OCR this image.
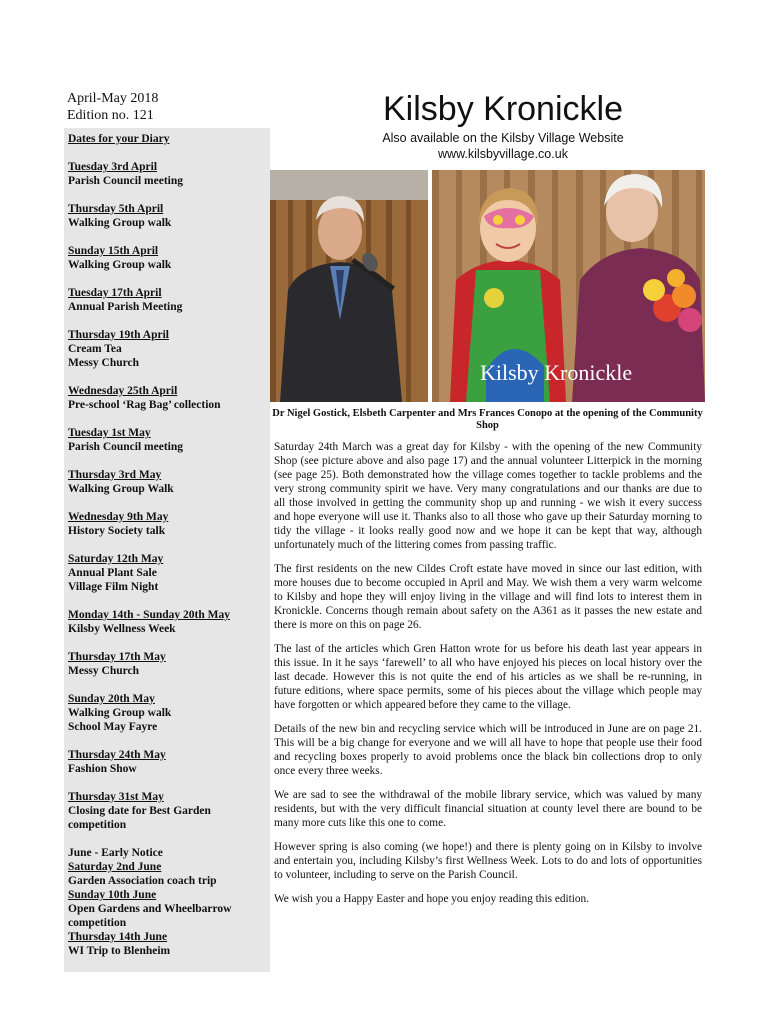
April-May 2018
Edition no. 121	Kilsby Kronickle
Also available on the Kilsby Village Website
www.kilsbyvillage.co.uk
Dates for your Diary
Tuesday 3rd April
Parish Council meeting
Thursday 5th April
Walking Group walk
Sunday 15th April
Walking Group walk
Tuesday 17th April
Annual Parish Meeting
Thursday 19th April
Cream Tea
Messy Church
Wednesday 25th April
Pre-school ‘Rag Bag’ collection
Tuesday 1st May
Parish Council meeting
Thursday 3rd May
Walking Group Walk
Wednesday 9th May
History Society talk
Saturday 12th May
Annual Plant Sale
Village Film Night
Monday 14th - Sunday 20th May
Kilsby Wellness Week
Thursday 17th May
Messy Church
Sunday 20th May
Walking Group walk
School May Fayre
Thursday 24th May
Fashion Show
Thursday 31st May
Closing date for Best Garden competition
June - Early Notice
Saturday 2nd June
Garden Association coach trip
Sunday 10th June
Open Gardens and Wheelbarrow competition
Thursday 14th June
WI Trip to Blenheim
Kilsby Kronickle
Dr Nigel Gostick, Elsbeth Carpenter and Mrs Frances Conopo at the opening of the Community Shop

Saturday 24th March was a great day for Kilsby - with the opening of the new Community Shop (see picture above and also page 17) and the annual volunteer Litterpick in the morning (see page 25). Both demonstrated how the village comes together to tackle problems and the very strong community spirit we have. Very many congratulations and our thanks are due to all those involved in getting the community shop up and running - we wish it every success and hope everyone will use it. Thanks also to all those who gave up their Saturday morning to tidy the village - it looks really good now and we hope it can be kept that way, although unfortunately much of the littering comes from passing traffic.

The first residents on the new Cildes Croft estate have moved in since our last edition, with more houses due to become occupied in April and May. We wish them a very warm welcome to Kilsby and hope they will enjoy living in the village and will find lots to interest them in Kronickle. Concerns though remain about safety on the A361 as it passes the new estate and there is more on this on page 26.

The last of the articles which Gren Hatton wrote for us before his death last year appears in this issue. In it he says ‘farewell’ to all who have enjoyed his pieces on local history over the last decade. However this is not quite the end of his articles as we shall be re-running, in future editions, where space permits, some of his pieces about the village which people may have forgotten or which appeared before they came to the village.

Details of the new bin and recycling service which will be introduced in June are on page 21. This will be a big change for everyone and we will all have to hope that people use their food and recycling boxes properly to avoid problems once the black bin collections drop to only once every three weeks.

We are sad to see the withdrawal of the mobile library service, which was valued by many residents, but with the very difficult financial situation at county level there are bound to be many more cuts like this one to come.

However spring is also coming (we hope!) and there is plenty going on in Kilsby to involve and entertain you, including Kilsby’s first Wellness Week. Lots to do and lots of opportunities to volunteer, including to serve on the Parish Council.

We wish you a Happy Easter and hope you enjoy reading this edition.
